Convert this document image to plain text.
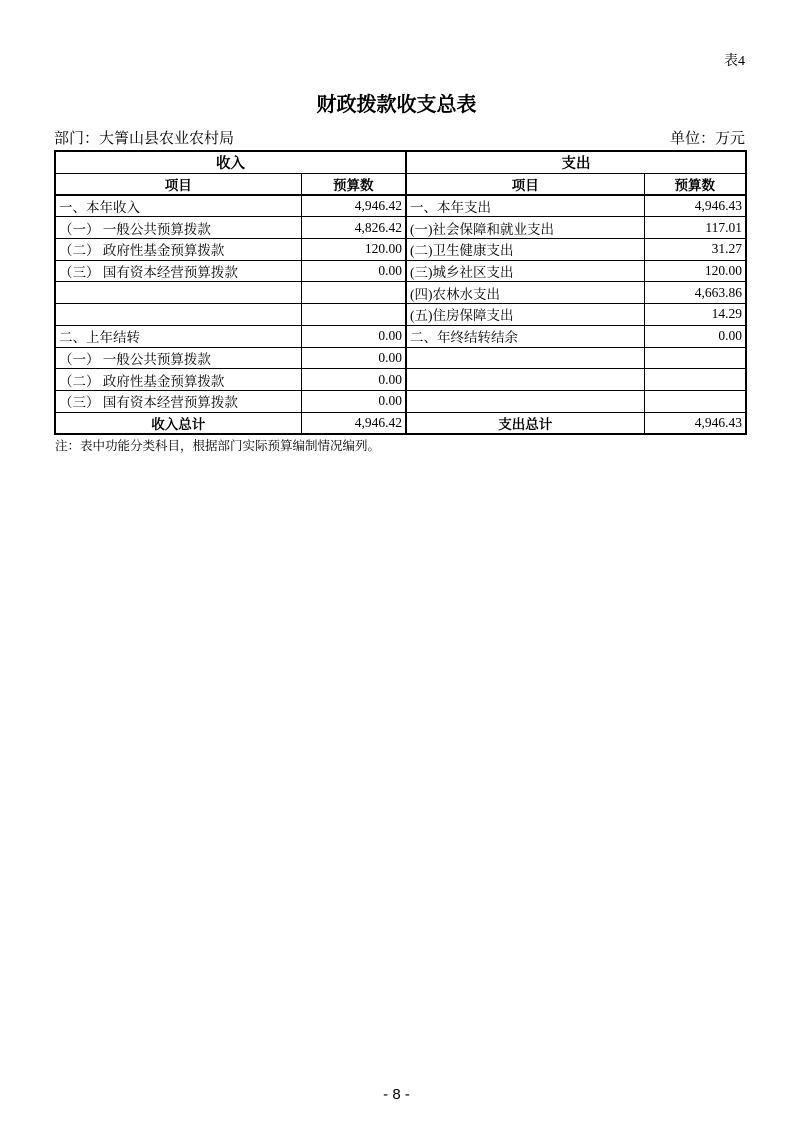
表4
财政拨款收支总表
部门：大箐山县农业农村局	单位：万元
收入		支出	
项目	预算数	项目	预算数
一、本年收入	4,946.42	一、本年支出	4,946.43
（一） 一般公共预算拨款	4,826.42	(一)社会保障和就业支出	117.01
（二） 政府性基金预算拨款	120.00	(二)卫生健康支出	31.27
（三） 国有资本经营预算拨款	0.00	(三)城乡社区支出	120.00
		(四)农林水支出	4,663.86
		(五)住房保障支出	14.29
二、上年结转	0.00	二、年终结转结余	0.00
（一） 一般公共预算拨款	0.00		
（二） 政府性基金预算拨款	0.00		
（三） 国有资本经营预算拨款	0.00		
收入总计	4,946.42	支出总计	4,946.43
注：表中功能分类科目，根据部门实际预算编制情况编列。
- 8 -
